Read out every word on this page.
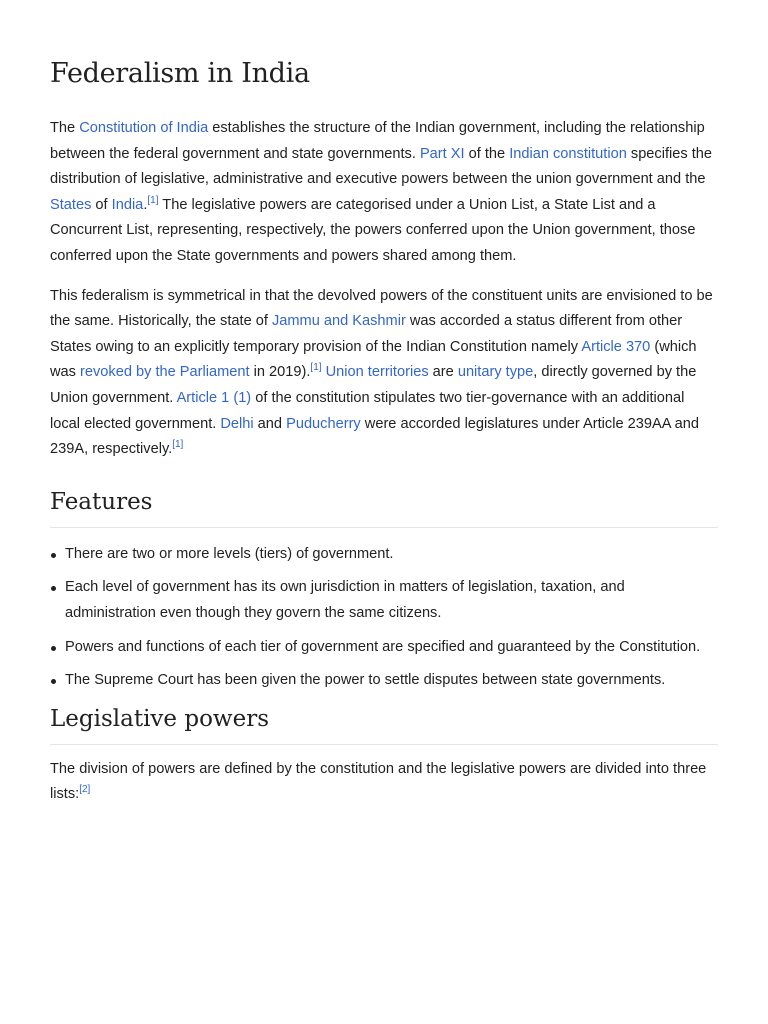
Federalism in India

The Constitution of India establishes the structure of the Indian government, including the relationship between the federal government and state governments. Part XI of the Indian constitution specifies the distribution of legislative, administrative and executive powers between the union government and the States of India.[1] The legislative powers are categorised under a Union List, a State List and a Concurrent List, representing, respectively, the powers conferred upon the Union government, those conferred upon the State governments and powers shared among them.

This federalism is symmetrical in that the devolved powers of the constituent units are envisioned to be the same. Historically, the state of Jammu and Kashmir was accorded a status different from other States owing to an explicitly temporary provision of the Indian Constitution namely Article 370 (which was revoked by the Parliament in 2019).[1] Union territories are unitary type, directly governed by the Union government. Article 1 (1) of the constitution stipulates two tier-governance with an additional local elected government. Delhi and Puducherry were accorded legislatures under Article 239AA and 239A, respectively.[1]

Features
There are two or more levels (tiers) of government.
Each level of government has its own jurisdiction in matters of legislation, taxation, and administration even though they govern the same citizens.
Powers and functions of each tier of government are specified and guaranteed by the Constitution.
The Supreme Court has been given the power to settle disputes between state governments.
Legislative powers

The division of powers are defined by the constitution and the legislative powers are divided into three lists:[2]
